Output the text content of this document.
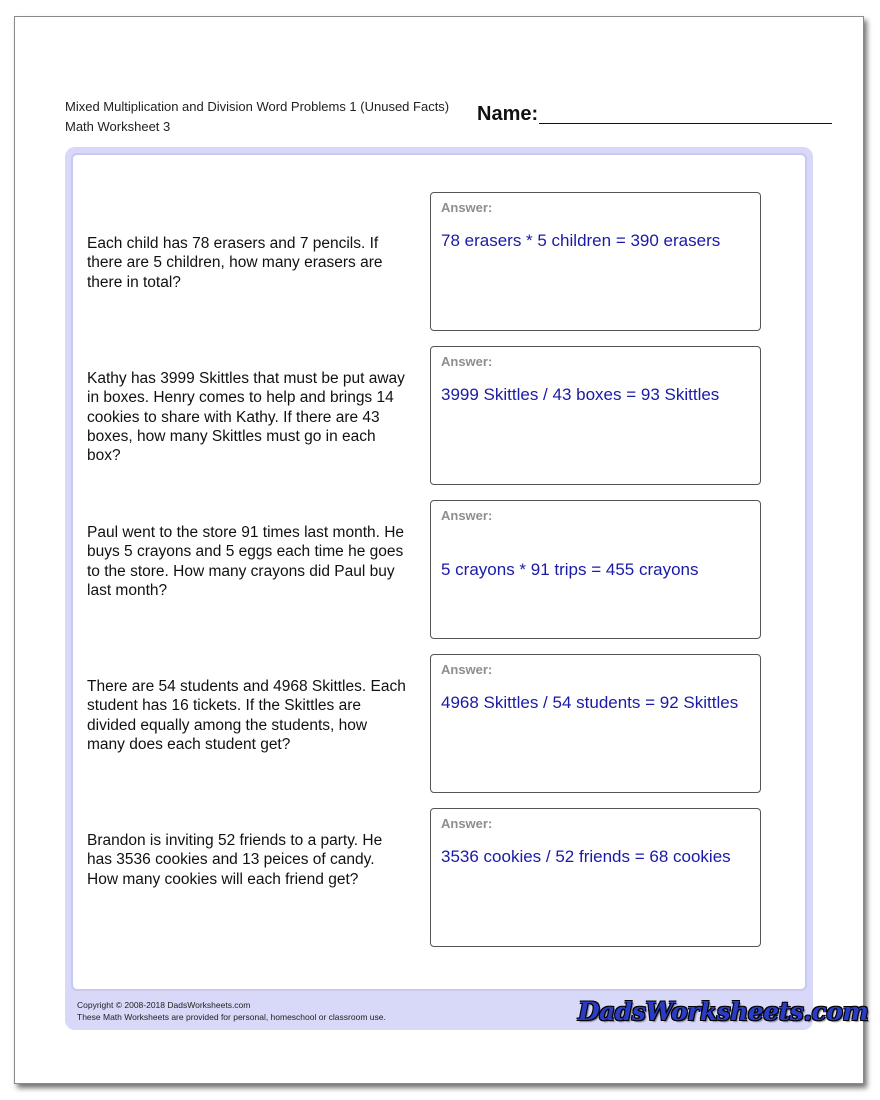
Mixed Multiplication and Division Word Problems 1 (Unused Facts)
Math Worksheet 3
Name:
Each child has 78 erasers and 7 pencils. If there are 5 children, how many erasers are there in total?
Answer:
78 erasers * 5 children = 390 erasers
Kathy has 3999 Skittles that must be put away in boxes. Henry comes to help and brings 14 cookies to share with Kathy. If there are 43 boxes, how many Skittles must go in each box?
Answer:
3999 Skittles / 43 boxes = 93 Skittles
Paul went to the store 91 times last month. He buys 5 crayons and 5 eggs each time he goes to the store. How many crayons did Paul buy last month?
Answer:
5 crayons * 91 trips = 455 crayons
There are 54 students and 4968 Skittles. Each student has 16 tickets. If the Skittles are divided equally among the students, how many does each student get?
Answer:
4968 Skittles / 54 students = 92 Skittles
Brandon is inviting 52 friends to a party. He has 3536 cookies and 13 peices of candy. How many cookies will each friend get?
Answer:
3536 cookies / 52 friends = 68 cookies
Copyright © 2008-2018 DadsWorksheets.com
These Math Worksheets are provided for personal, homeschool or classroom use.	DadsWorksheets.com
